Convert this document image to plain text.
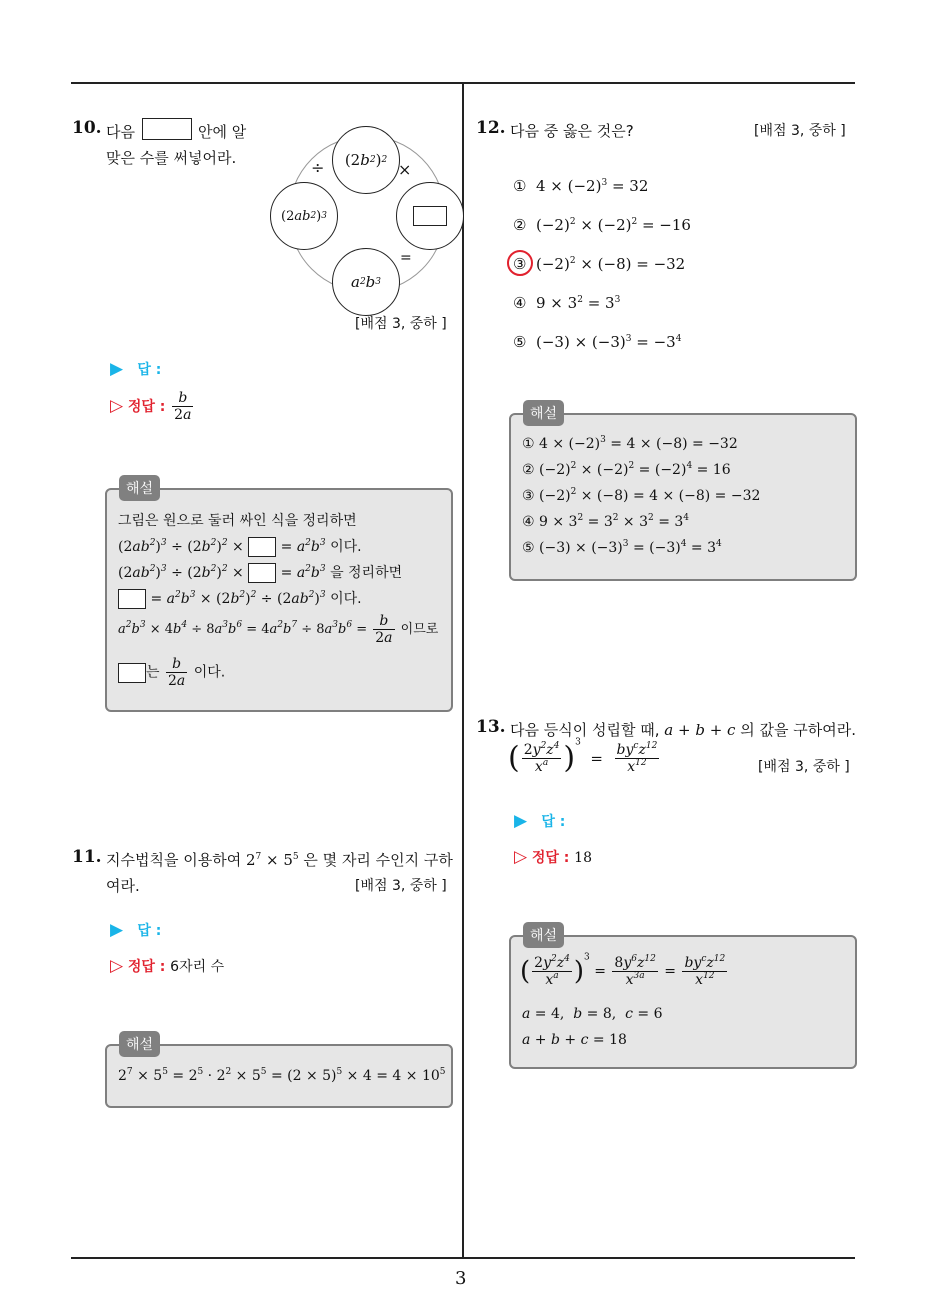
3
10. 다음	안에 알
맞은 수를 써넣어라.	(2 b 2 ) 2
(2 ab 2 ) 3
a 2 b 3
÷	×
=
[배점 3, 중하 ]
▶ 답 :
▷ 정답 : $\frac{b}{2a}$
해설
그림은 원으로 둘러 싸인 식을 정리하면
$(2ab^2)^3 \div (2b^2)^2$ ×	= $a^2b^3$ 이다.
$(2ab^2)^3 \div (2b^2)^2$ ×	= $a^2b^3$ 을 정리하면
= $a^2b^3 \times (2b^2)^2 \div (2ab^2)^3$ 이다.
$a^2b^3 \times 4b^4 \div 8a^3b^6 = 4a^2b^7 \div 8a^3b^6 = \frac{b}{2a}$ 이므로
는 $\frac{b}{2a}$ 이다.
11. 지수법칙을 이용하여 $2^7 \times 5^5$ 은 몇 자리 수인지 구하
여라.	[배점 3, 중하 ]
▶ 답 :
▷ 정답 : 6자리 수
해설
$2^7 \times 5^5 = 2^5 \cdot 2^2 \times 5^5 = (2 \times 5)^5 \times 4 = 4 \times 10^5$
12. 다음 중 옳은 것은?	[배점 3, 중하 ]
①  $4 \times (-2)^3 = 32$
②  $(-2)^2 \times (-2)^2 = -16$
③  $(-2)^2 \times (-8) = -32$
④  $9 \times 3^2 = 3^3$
⑤  $(-3) \times (-3)^3 = -3^4$
해설
① $4 \times (-2)^3 = 4 \times (-8) = -32$
② $(-2)^2 \times (-2)^2 = (-2)^4 = 16$
③ $(-2)^2 \times (-8) = 4 \times (-8) = -32$
④ $9 \times 3^2 = 3^2 \times 3^2 = 3^4$
⑤ $(-3) \times (-3)^3 = (-3)^4 = 3^4$
13. 다음 등식이 성립할 때, a + b + c 의 값을 구하여라.
( $\frac{2y^2z^4}{x^a} )^3 = \frac{by^cz^{12}}{x^{12}}$	[배점 3, 중하 ]
▶ 답 :
▷ 정답 : 18
해설
( $\frac{2y^2z^4}{x^a} )^3 = \frac{8y^6z^{12}}{x^{3a}} = \frac{by^cz^{12}}{x^{12}}$
a = 4,  b = 8,  c = 6
a + b + c = 18
